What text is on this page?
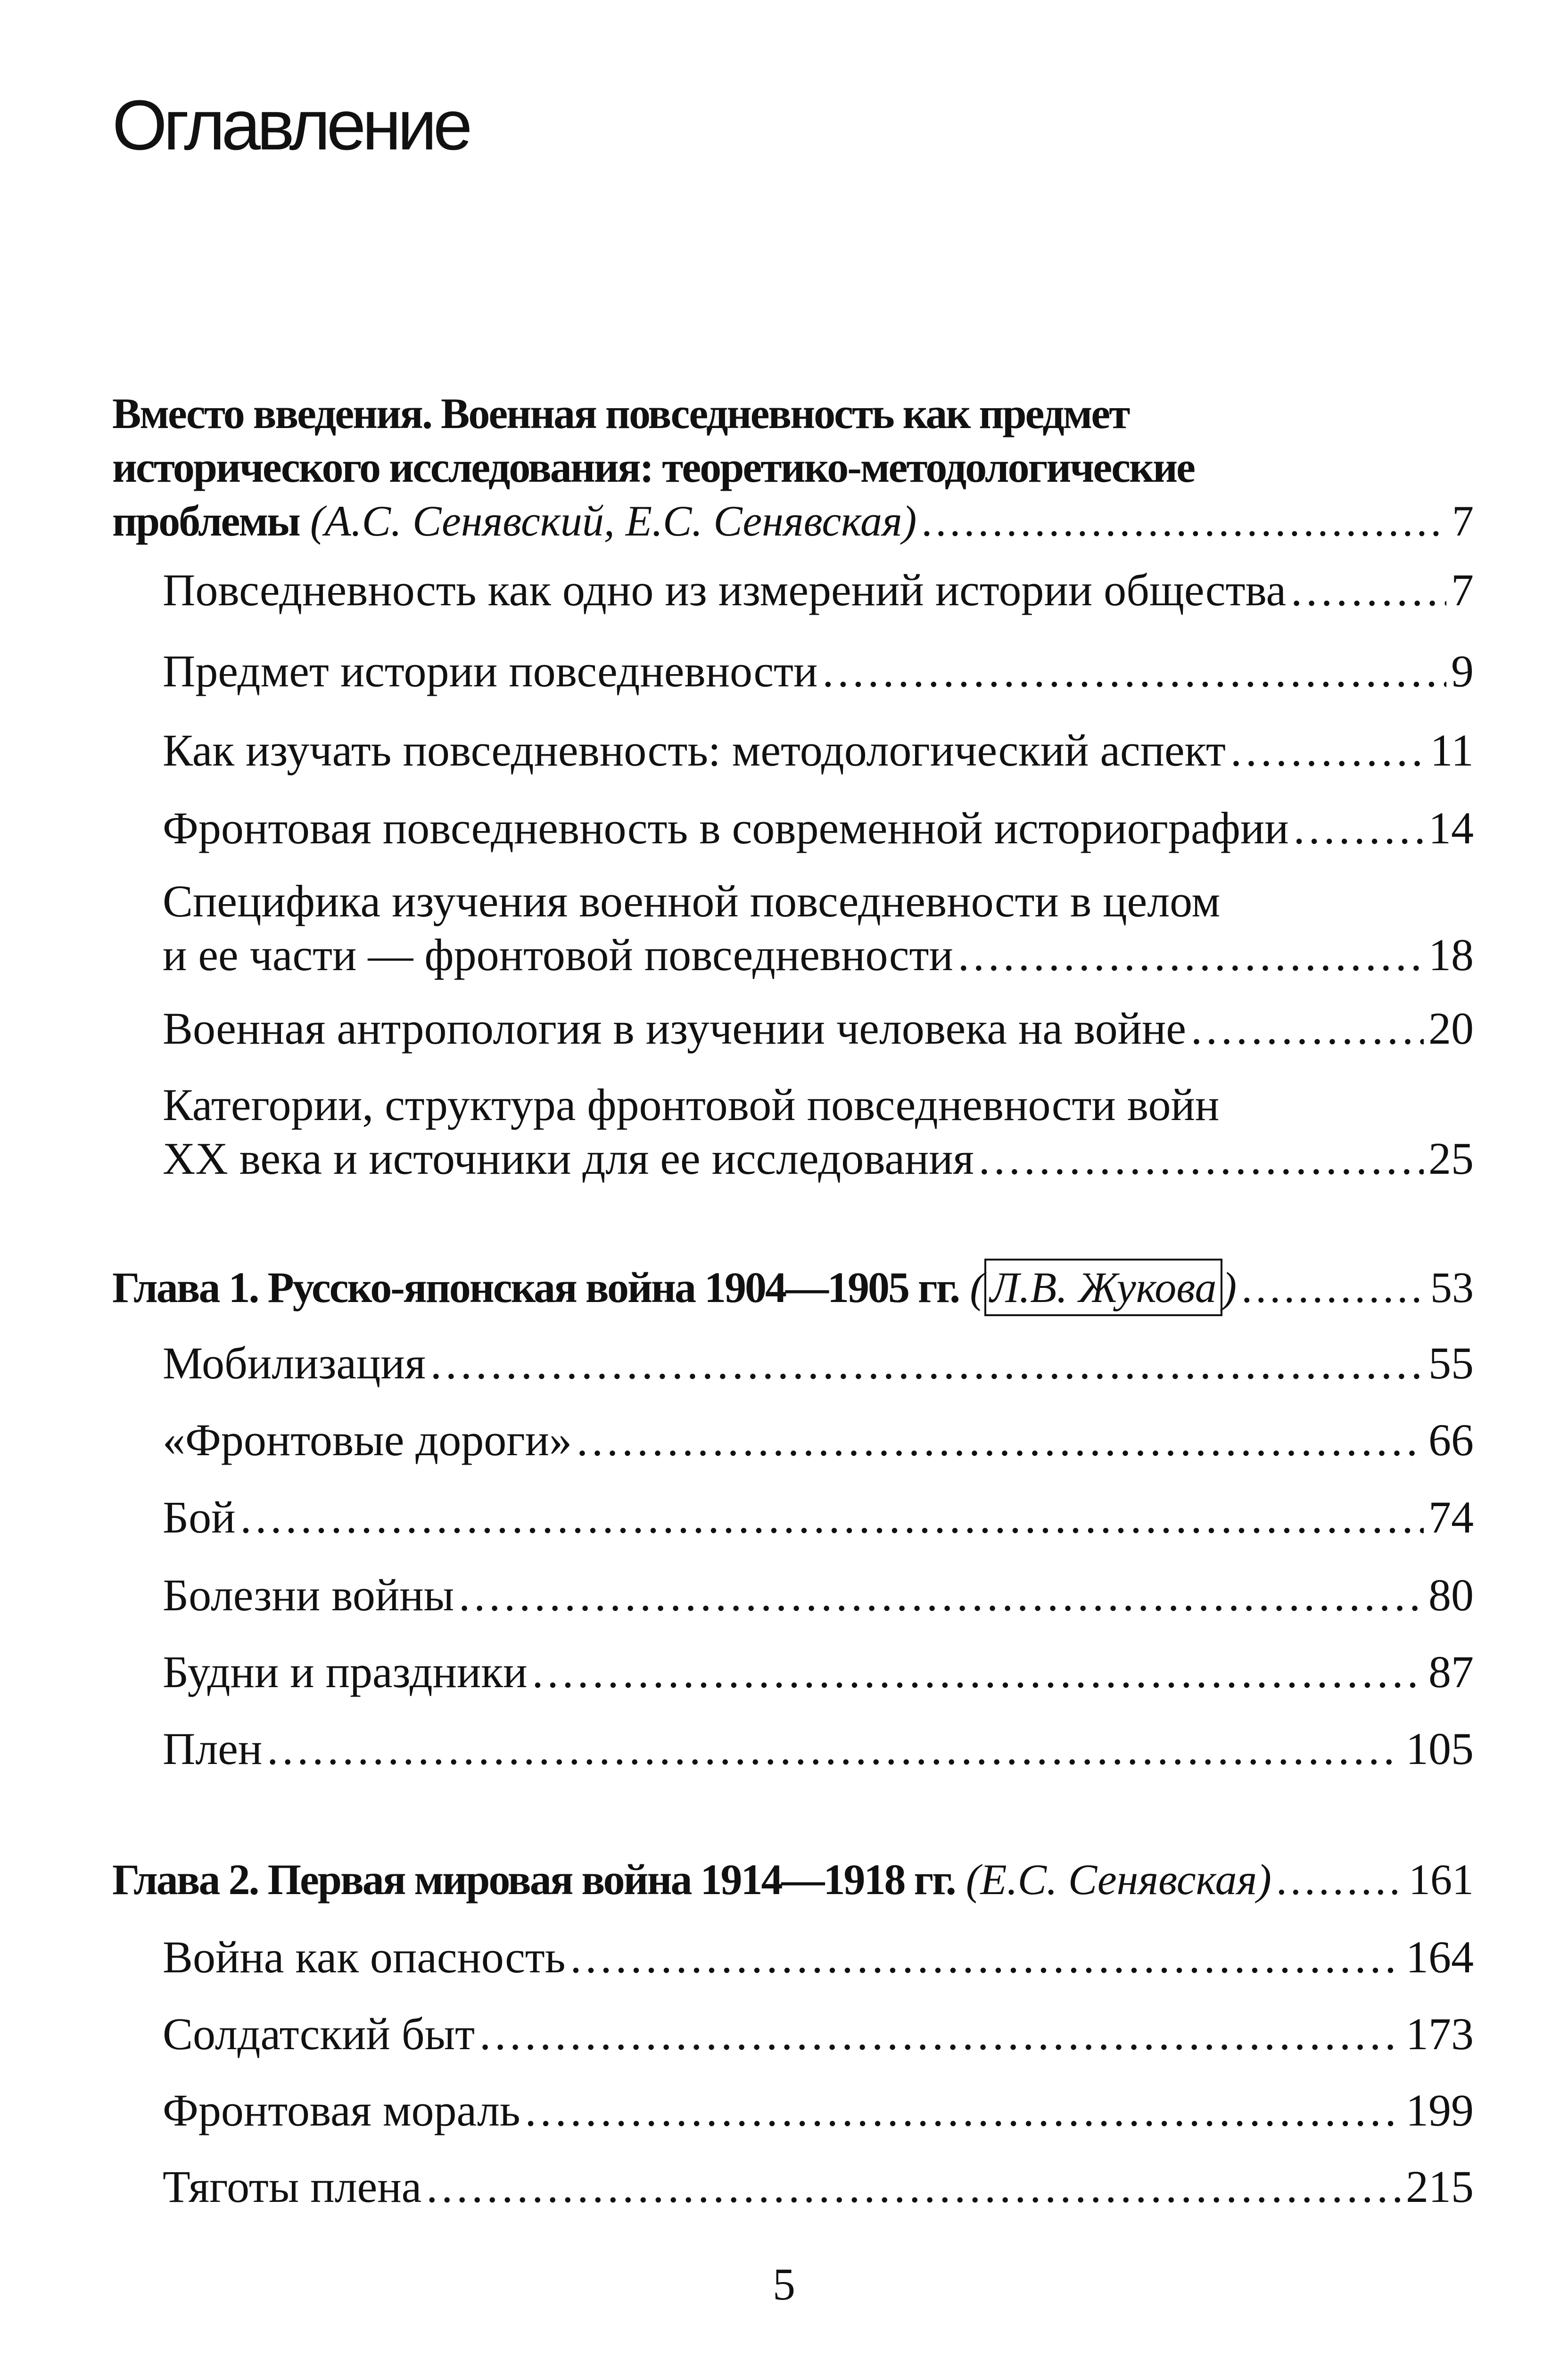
Оглавление
Вместо введения. Военная повседневность как предмет
исторического исследования: теоретико-методологические
проблемы
(А.С. Сенявский, Е.С. Сенявская) . . .	7
Повседневность как одно из измерений истории общества . . .	7
Предмет истории повседневности . . .	9
Как изучать повседневность: методологический аспект . . .	11
Фронтовая повседневность в современной историографии . . .	14
Специфика изучения военной повседневности в целом
и ее части — фронтовой повседневности . . .	18
Военная антропология в изучении человека на войне . . .	20
Категории, структура фронтовой повседневности войн
XX века и источники для ее исследования . . .	25
Глава 1. Русско-японская война 1904—1905 гг.
( Л.В. Жукова ) . . .	53
Мобилизация . . .	55
«Фронтовые дороги» . . .	66
Бой . . .	74
Болезни войны . . .	80
Будни и праздники . . .	87
Плен . . .	105
Глава 2. Первая мировая война 1914—1918 гг.
(Е.С. Сенявская) . . .	161
Война как опасность . . .	164
Солдатский быт . . .	173
Фронтовая мораль . . .	199
Тяготы плена . . .	215
5
